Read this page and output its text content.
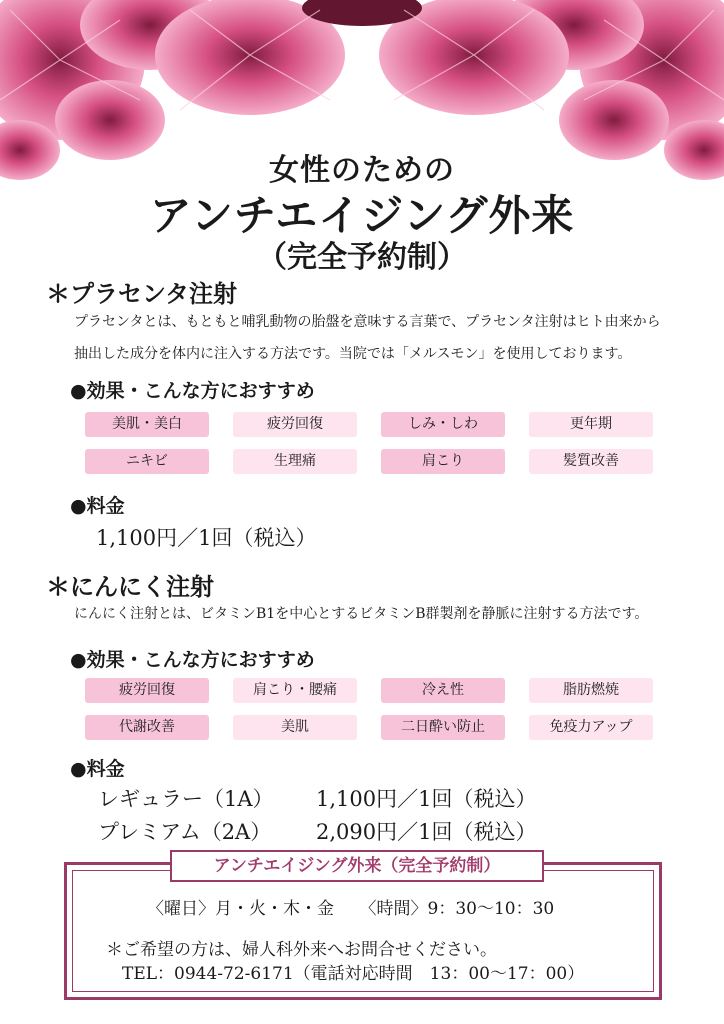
女性のための
アンチエイジング外来
（完全予約制）
＊プラセンタ注射
プラセンタとは、もともと哺乳動物の胎盤を意味する言葉で、プラセンタ注射はヒト由来から
抽出した成分を体内に注入する方法です。当院では「メルスモン」を使用しております。
●効果・こんな方におすすめ
美肌・美白	疲労回復	しみ・しわ	更年期
ニキビ	生理痛	肩こり	髪質改善
●料金
1,100円／1回（税込）
＊にんにく注射
にんにく注射とは、ビタミンB1を中心とするビタミンB群製剤を静脈に注射する方法です。
●効果・こんな方におすすめ
疲労回復	肩こり・腰痛	冷え性	脂肪燃焼
代謝改善	美肌	二日酔い防止	免疫力アップ
●料金
レギュラー（1A） 1,100円／1回（税込）
プレミアム（2A） 2,090円／1回（税込）
アンチエイジング外来（完全予約制）
〈曜日〉月・火・木・金　　〈時間〉9：30～10：30
＊ご希望の方は、婦人科外来へお問合せください。
TEL：0944-72-6171（電話対応時間　13：00～17：00）
